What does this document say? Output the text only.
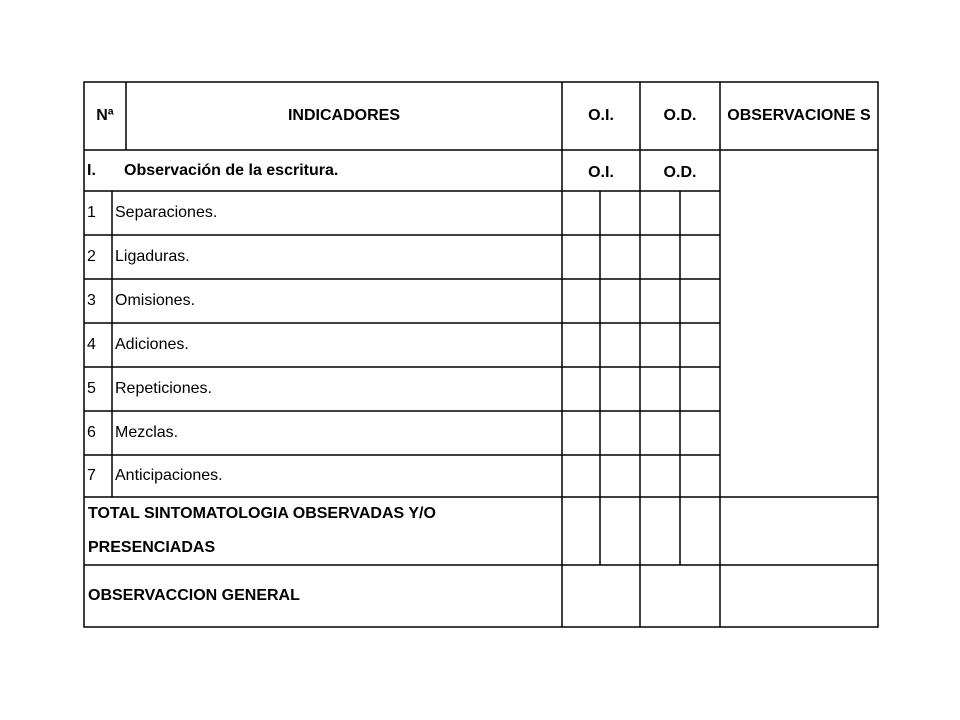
Nª	INDICADORES	O.I.	O.D.	OBSERVACIONE S
I.	Observación de la escritura.	O.I.	O.D.
1	Separaciones.
2	Ligaduras.
3	Omisiones.
4	Adiciones.
5	Repeticiones.
6	Mezclas.
7	Anticipaciones.
TOTAL SINTOMATOLOGIA OBSERVADAS Y/O PRESENCIADAS
OBSERVACCION GENERAL
